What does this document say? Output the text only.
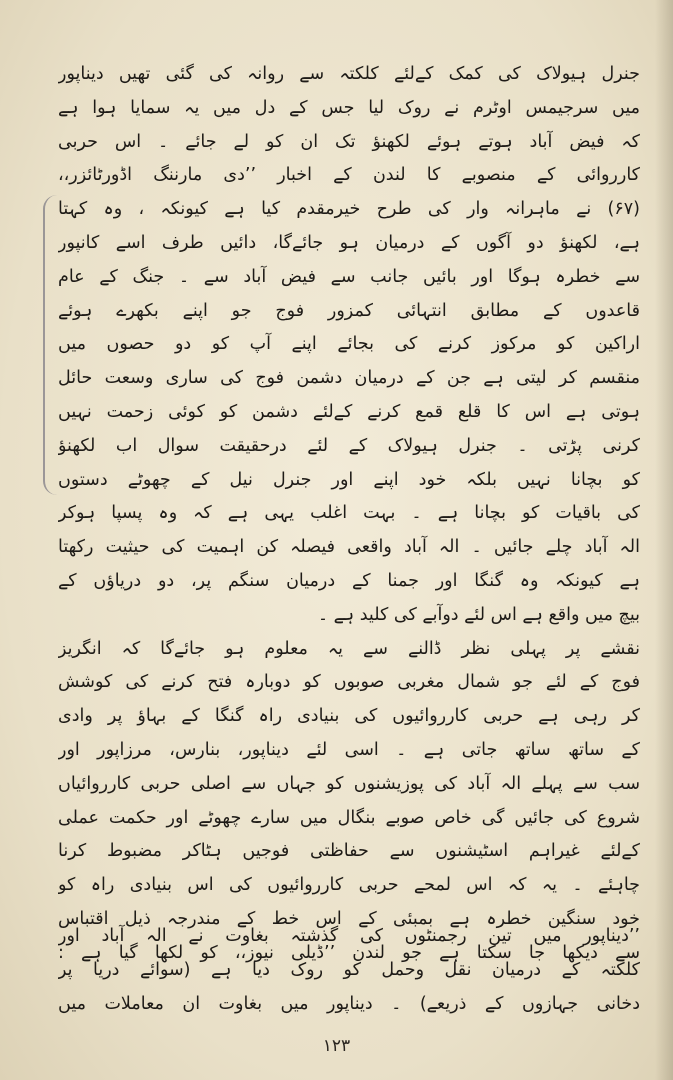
جنرل ہیولاک کی کمک کےلئے کلکتہ سے روانہ کی گئی تھیں دیناپور
میں سرجیمس اوٹرم نے روک لیا جس کے دل میں یہ سمایا ہوا ہے
کہ فیض آباد ہوتے ہوئے لکھنؤ تک ان کو لے جائے ۔ اس حربی
کارروائی کے منصوبے کا لندن کے اخبار ’’دی مارننگ اڈورٹائزر،،
(۶۷) نے ماہرانہ وار کی طرح خیرمقدم کیا ہے کیونکہ ، وہ کہتا
ہے، لکھنؤ دو آگوں کے درمیان ہو جائےگا، دائیں طرف اسے کانپور
سے خطرہ ہوگا اور بائیں جانب سے فیض آباد سے ۔ جنگ کے عام
قاعدوں کے مطابق انتہائی کمزور فوج جو اپنے بکھرے ہوئے
اراکین کو مرکوز کرنے کی بجائے اپنے آپ کو دو حصوں میں
منقسم کر لیتی ہے جن کے درمیان دشمن فوج کی ساری وسعت حائل
ہوتی ہے اس کا قلع قمع کرنے کےلئے دشمن کو کوئی زحمت نہیں
کرنی پڑتی ۔ جنرل ہیولاک کے لئے درحقیقت سوال اب لکھنؤ
کو بچانا نہیں بلکہ خود اپنے اور جنرل نیل کے چھوٹے دستوں
کی باقیات کو بچانا ہے ۔ بہت اغلب یہی ہے کہ وہ پسپا ہوکر
الہ آباد چلے جائیں ۔ الہ آباد واقعی فیصلہ کن اہمیت کی حیثیت رکھتا
ہے کیونکہ وہ گنگا اور جمنا کے درمیان سنگم پر، دو دریاؤں کے
بیچ میں واقع ہے اس لئے دوآبے کی کلید ہے ۔
نقشے پر پہلی نظر ڈالنے سے یہ معلوم ہو جائےگا کہ انگریز
فوج کے لئے جو شمال مغربی صوبوں کو دوبارہ فتح کرنے کی کوشش
کر رہی ہے حربی کارروائیوں کی بنیادی راہ گنگا کے بہاؤ پر وادی
کے ساتھ ساتھ جاتی ہے ۔ اسی لئے دیناپور، بنارس، مرزاپور اور
سب سے پہلے الہ آباد کی پوزیشنوں کو جہاں سے اصلی حربی کارروائیاں
شروع کی جائیں گی خاص صوبے بنگال میں سارے چھوٹے اور حکمت عملی
کےلئے غیراہم اسٹیشنوں سے حفاظتی فوجیں ہٹاکر مضبوط کرنا
چاہئے ۔ یہ کہ اس لمحے حربی کارروائیوں کی اس بنیادی راہ کو
خود سنگین خطرہ ہے بمبئی کے اس خط کے مندرجہ ذیل اقتباس
سے دیکھا جا سکتا ہے جو لندن ’’ڈیلی نیوز،، کو لکھا گیا ہے :
’’دیناپور میں تین رجمنٹوں کی گذشتہ بغاوت نے الہ آباد اور
کلکتہ کے درمیان نقل وحمل کو روک دیا ہے (سوائے دریا پر
دخانی جہازوں کے ذریعے) ۔ دیناپور میں بغاوت ان معاملات میں
۱۲۳
